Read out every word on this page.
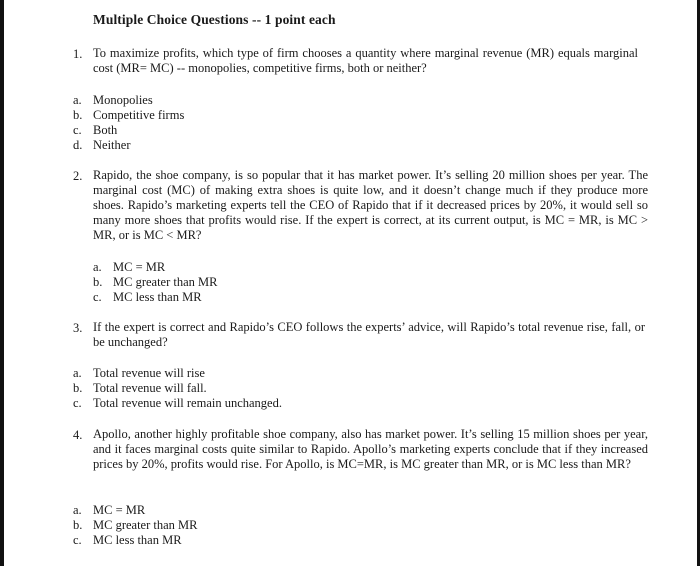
Multiple Choice Questions -- 1 point each
1. To maximize profits, which type of firm chooses a quantity where marginal revenue (MR) equals marginal cost (MR= MC) -- monopolies, competitive firms, both or neither?
a. Monopolies
b. Competitive firms
c. Both
d. Neither
2. Rapido, the shoe company, is so popular that it has market power. It’s selling 20 million shoes per year. The marginal cost (MC) of making extra shoes is quite low, and it doesn’t change much if they produce more shoes. Rapido’s marketing experts tell the CEO of Rapido that if it decreased prices by 20%, it would sell so many more shoes that profits would rise. If the expert is correct, at its current output, is MC = MR, is MC > MR, or is MC < MR?
a. MC = MR
b. MC greater than MR
c. MC less than MR
3. If the expert is correct and Rapido’s CEO follows the experts’ advice, will Rapido’s total revenue rise, fall, or be unchanged?
a. Total revenue will rise
b. Total revenue will fall.
c. Total revenue will remain unchanged.
4. Apollo, another highly profitable shoe company, also has market power. It’s selling 15 million shoes per year, and it faces marginal costs quite similar to Rapido. Apollo’s marketing experts conclude that if they increased prices by 20%, profits would rise. For Apollo, is MC=MR, is MC greater than MR, or is MC less than MR?
a. MC = MR
b. MC greater than MR
c. MC less than MR
